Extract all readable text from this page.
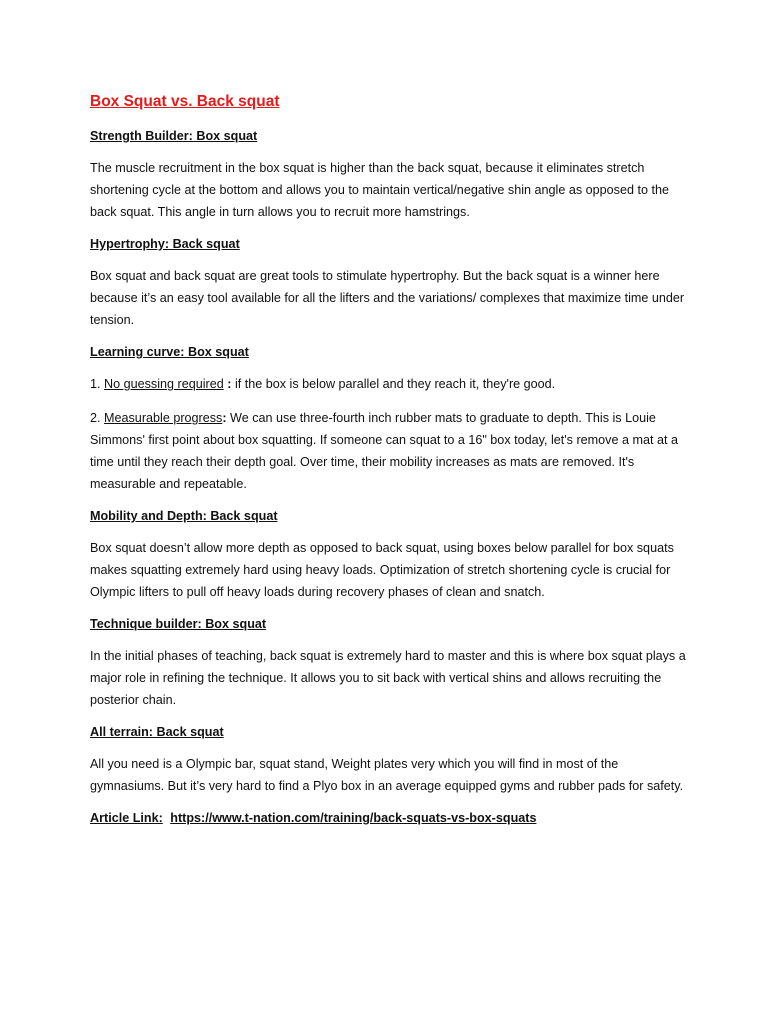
Box Squat vs. Back squat
Strength Builder: Box squat

The muscle recruitment in the box squat is higher than the back squat, because it eliminates stretch shortening cycle at the bottom and allows you to maintain vertical/negative shin angle as opposed to the back squat. This angle in turn allows you to recruit more hamstrings.

Hypertrophy: Back squat

Box squat and back squat are great tools to stimulate hypertrophy. But the back squat is a winner here because it’s an easy tool available for all the lifters and the variations/ complexes that maximize time under tension.

Learning curve: Box squat

1. No guessing required : if the box is below parallel and they reach it, they're good.

2. Measurable progress: We can use three-fourth inch rubber mats to graduate to depth. This is Louie Simmons' first point about box squatting. If someone can squat to a 16" box today, let's remove a mat at a time until they reach their depth goal. Over time, their mobility increases as mats are removed. It's measurable and repeatable.

Mobility and Depth: Back squat

Box squat doesn’t allow more depth as opposed to back squat, using boxes below parallel for box squats makes squatting extremely hard using heavy loads. Optimization of stretch shortening cycle is crucial for Olympic lifters to pull off heavy loads during recovery phases of clean and snatch.

Technique builder: Box squat

In the initial phases of teaching, back squat is extremely hard to master and this is where box squat plays a major role in refining the technique. It allows you to sit back with vertical shins and allows recruiting the posterior chain.

All terrain: Back squat

All you need is a Olympic bar, squat stand, Weight plates very which you will find in most of the gymnasiums. But it’s very hard to find a Plyo box in an average equipped gyms and rubber pads for safety.

Article Link: https://www.t-nation.com/training/back-squats-vs-box-squats
